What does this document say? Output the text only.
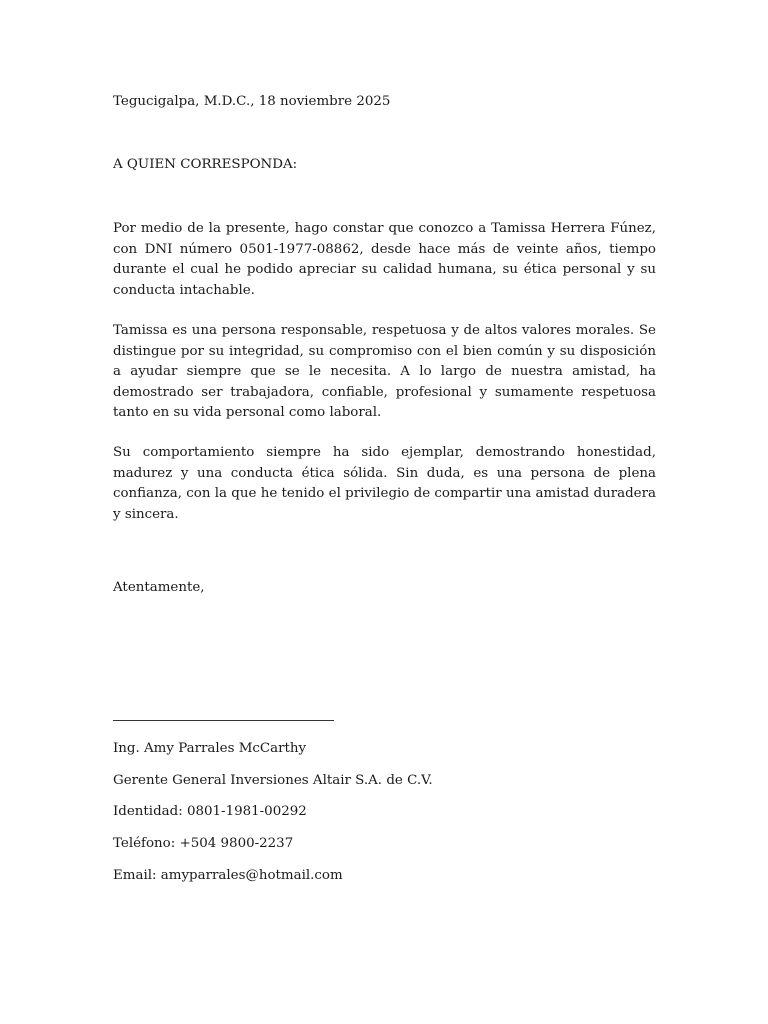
Tegucigalpa, M.D.C., 18 noviembre 2025
A QUIEN CORRESPONDA:
Por medio de la presente, hago constar que conozco a Tamissa Herrera Fúnez, con DNI número 0501-1977-08862, desde hace más de veinte años, tiempo durante el cual he podido apreciar su calidad humana, su ética personal y su conducta intachable.
Tamissa es una persona responsable, respetuosa y de altos valores morales. Se distingue por su integridad, su compromiso con el bien común y su disposición a ayudar siempre que se le necesita. A lo largo de nuestra amistad, ha demostrado ser trabajadora, confiable, profesional y sumamente respetuosa tanto en su vida personal como laboral.
Su comportamiento siempre ha sido ejemplar, demostrando honestidad, madurez y una conducta ética sólida. Sin duda, es una persona de plena confianza, con la que he tenido el privilegio de compartir una amistad duradera y sincera.
Atentamente,
Ing. Amy Parrales McCarthy
Gerente General Inversiones Altair S.A. de C.V.
Identidad: 0801-1981-00292
Teléfono: +504 9800-2237
Email: amyparrales@hotmail.com
